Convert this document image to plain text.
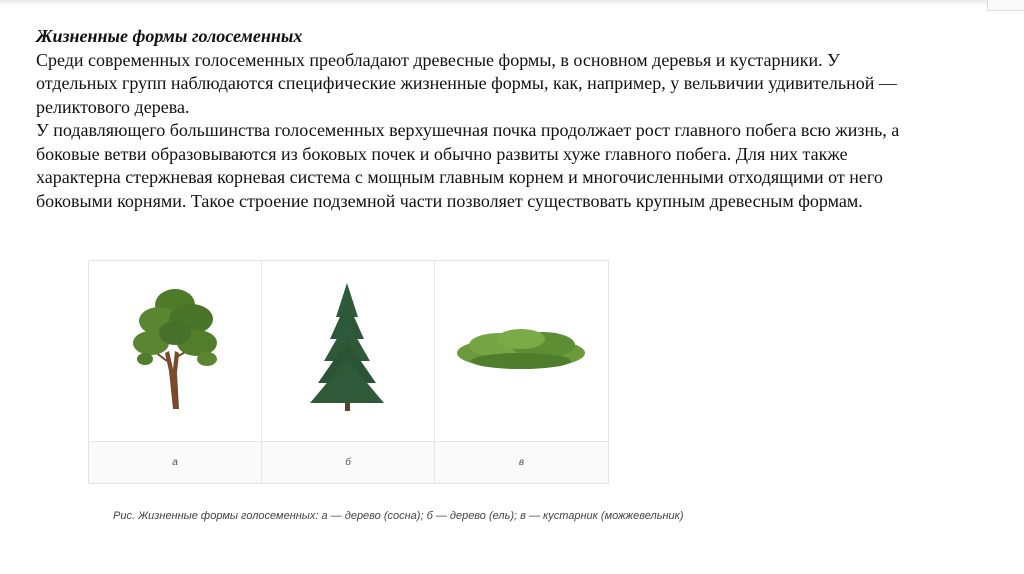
Жизненные формы голосеменных
Среди современных голосеменных преобладают древесные формы, в основном деревья и кустарники. У отдельных групп наблюдаются специфические жизненные формы, как, например, у вельвичии удивительной — реликтового дерева.
У подавляющего большинства голосеменных верхушечная почка продолжает рост главного побега всю жизнь, а боковые ветви образовываются из боковых почек и обычно развиты хуже главного побега. Для них также характерна стержневая корневая система с мощным главным корнем и многочисленными отходящими от него боковыми корнями. Такое строение подземной части позволяет существовать крупным древесным формам.
а	б	в
Рис. Жизненные формы голосеменных: а — дерево (сосна); б — дерево (ель); в — кустарник (можжевельник)
